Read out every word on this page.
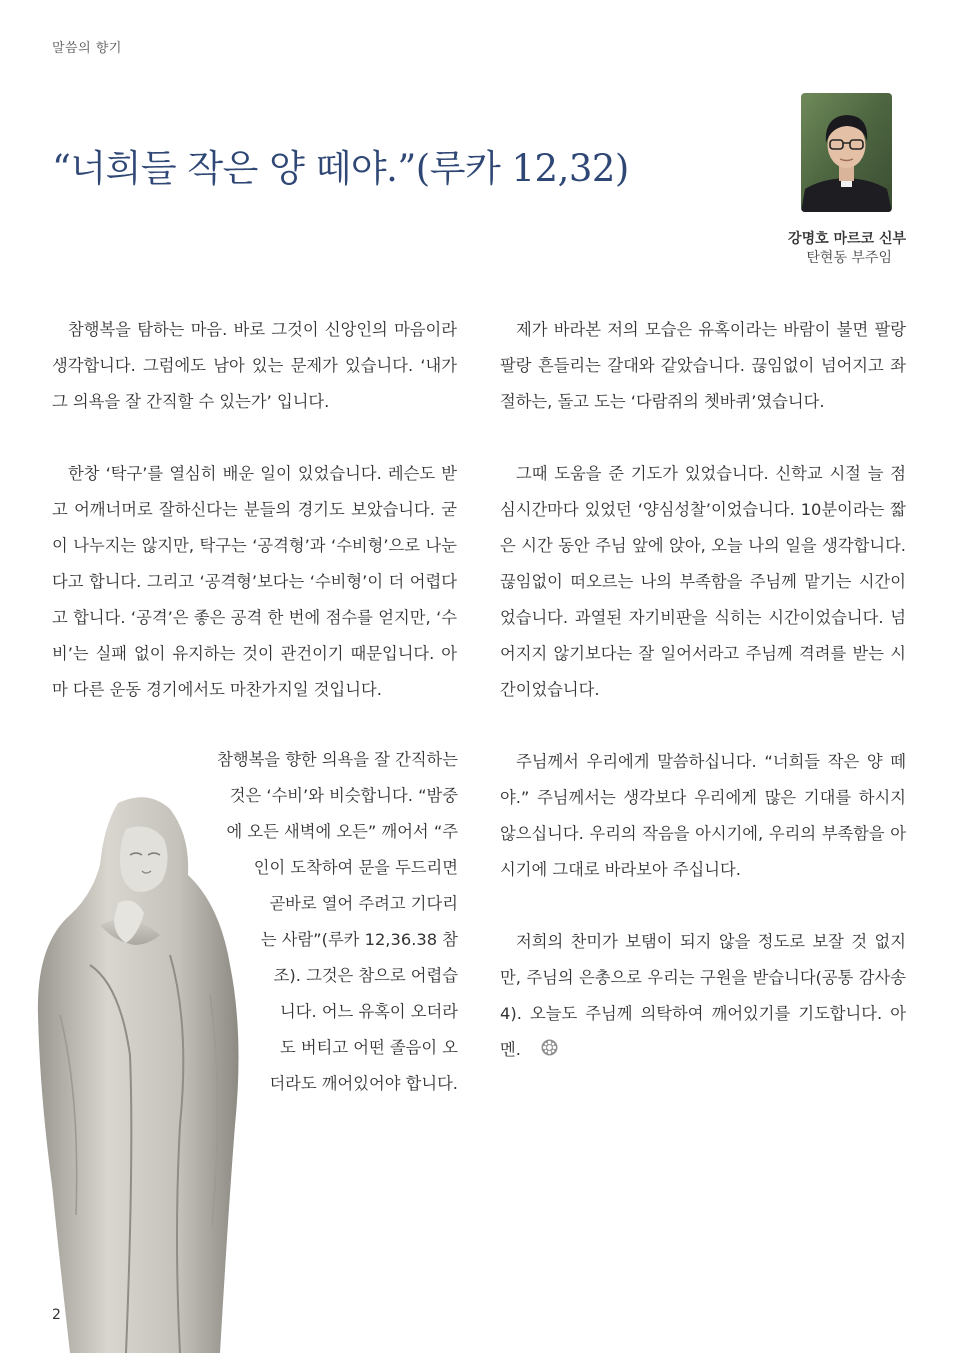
말씀의 향기
“너희들 작은 양 떼야.”(루카 12,32)
강명호 마르코 신부
탄현동 부주임

참행복을 탐하는 마음. 바로 그것이 신앙인의 마음이라 생각합니다. 그럼에도 남아 있는 문제가 있습니다. ‘내가 그 의욕을 잘 간직할 수 있는가’ 입니다.

한창 ‘탁구’를 열심히 배운 일이 있었습니다. 레슨도 받고 어깨너머로 잘하신다는 분들의 경기도 보았습니다. 굳이 나누지는 않지만, 탁구는 ‘공격형’과 ‘수비형’으로 나눈다고 합니다. 그리고 ‘공격형’보다는 ‘수비형’이 더 어렵다고 합니다. ‘공격’은 좋은 공격 한 번에 점수를 얻지만, ‘수비’는 실패 없이 유지하는 것이 관건이기 때문입니다. 아마 다른 운동 경기에서도 마찬가지일 것입니다.

참행복을 향한 의욕을 잘 간직하는
것은 ‘수비’와 비슷합니다. “밤중
에 오든 새벽에 오든” 깨어서 “주
인이 도착하여 문을 두드리면
곧바로 열어 주려고 기다리
는 사람”(루카 12,36.38 참
조). 그것은 참으로 어렵습
니다. 어느 유혹이 오더라
도 버티고 어떤 졸음이 오
더라도 깨어있어야 합니다.

제가 바라본 저의 모습은 유혹이라는 바람이 불면 팔랑팔랑 흔들리는 갈대와 같았습니다. 끊임없이 넘어지고 좌절하는, 돌고 도는 ‘다람쥐의 쳇바퀴’였습니다.

그때 도움을 준 기도가 있었습니다. 신학교 시절 늘 점심시간마다 있었던 ‘양심성찰’이었습니다. 10분이라는 짧은 시간 동안 주님 앞에 앉아, 오늘 나의 일을 생각합니다. 끊임없이 떠오르는 나의 부족함을 주님께 맡기는 시간이었습니다. 과열된 자기비판을 식히는 시간이었습니다. 넘어지지 않기보다는 잘 일어서라고 주님께 격려를 받는 시간이었습니다.

주님께서 우리에게 말씀하십니다. “너희들 작은 양 떼야.” 주님께서는 생각보다 우리에게 많은 기대를 하시지 않으십니다. 우리의 작음을 아시기에, 우리의 부족함을 아시기에 그대로 바라보아 주십니다.

저희의 찬미가 보탬이 되지 않을 정도로 보잘 것 없지만, 주님의 은총으로 우리는 구원을 받습니다(공통 감사송4). 오늘도 주님께 의탁하여 깨어있기를 기도합니다. 아멘.

2
